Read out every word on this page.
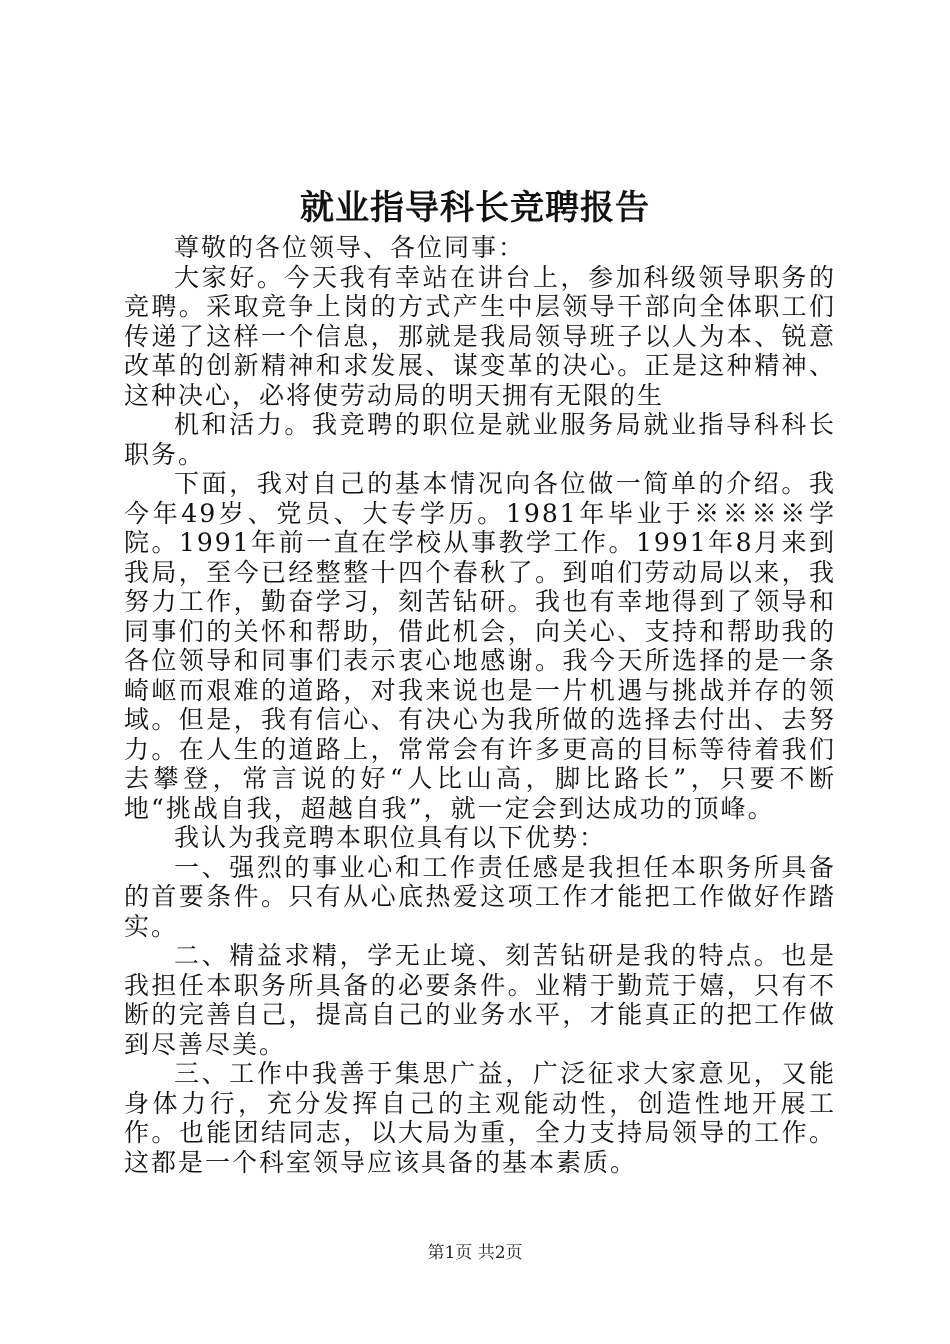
就业指导科长竞聘报告

尊敬的各位领导、各位同事：

大家好。今天我有幸站在讲台上，参加科级领导职务的竞聘。采取竞争上岗的方式产生中层领导干部向全体职工们传递了这样一个信息，那就是我局领导班子以人为本、锐意改革的创新精神和求发展、谋变革的决心。正是这种精神、这种决心，必将使劳动局的明天拥有无限的生

机和活力。我竞聘的职位是就业服务局就业指导科科长职务。

下面，我对自己的基本情况向各位做一简单的介绍。我今年49岁、党员、大专学历。1981年毕业于※※※※学院。1991年前一直在学校从事教学工作。1991年8月来到我局，至今已经整整十四个春秋了。到咱们劳动局以来，我努力工作，勤奋学习，刻苦钻研。我也有幸地得到了领导和同事们的关怀和帮助，借此机会，向关心、支持和帮助我的各位领导和同事们表示衷心地感谢。我今天所选择的是一条崎岖而艰难的道路，对我来说也是一片机遇与挑战并存的领域。但是，我有信心、有决心为我所做的选择去付出、去努力。在人生的道路上，常常会有许多更高的目标等待着我们去攀登，常言说的好“人比山高，脚比路长”，只要不断地“挑战自我，超越自我”，就一定会到达成功的顶峰。

我认为我竞聘本职位具有以下优势：

一、强烈的事业心和工作责任感是我担任本职务所具备的首要条件。只有从心底热爱这项工作才能把工作做好作踏实。

二、精益求精，学无止境、刻苦钻研是我的特点。也是我担任本职务所具备的必要条件。业精于勤荒于嬉，只有不断的完善自己，提高自己的业务水平，才能真正的把工作做到尽善尽美。

三、工作中我善于集思广益，广泛征求大家意见，又能身体力行，充分发挥自己的主观能动性，创造性地开展工作。也能团结同志，以大局为重，全力支持局领导的工作。这都是一个科室领导应该具备的基本素质。

第1页 共2页
